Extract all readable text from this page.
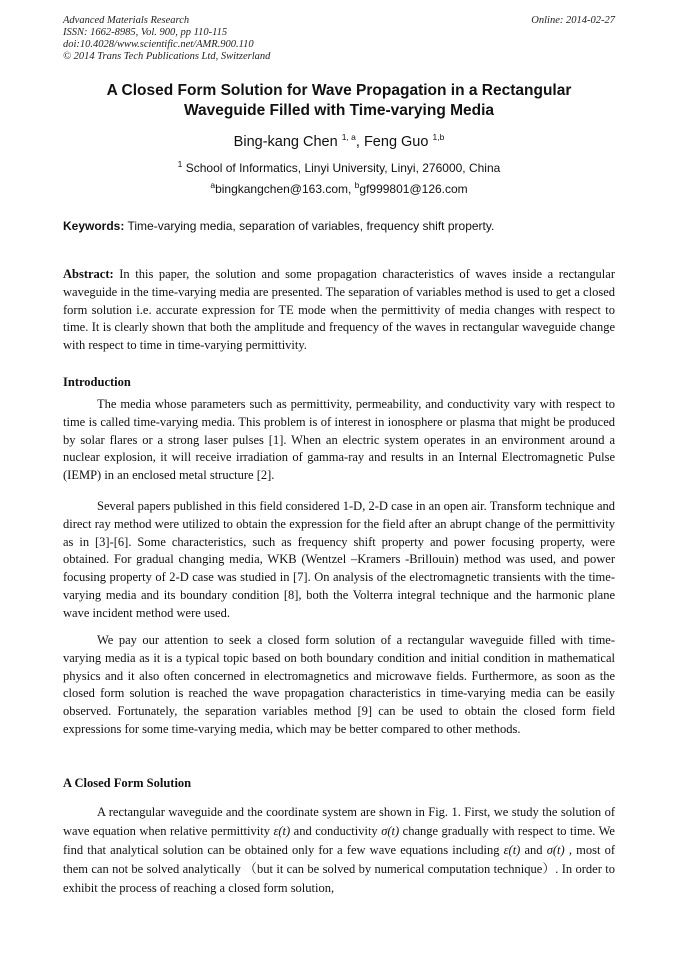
Advanced Materials Research
ISSN: 1662-8985, Vol. 900, pp 110-115
doi:10.4028/www.scientific.net/AMR.900.110
© 2014 Trans Tech Publications Ltd, Switzerland
Online: 2014-02-27
A Closed Form Solution for Wave Propagation in a Rectangular
Waveguide Filled with Time-varying Media
Bing-kang Chen $^{1, a}$, Feng Guo $^{1,b}$
$^1$ School of Informatics, Linyi University, Linyi, 276000, China
$^a$bingkangchen@163.com, $^b$gf999801@126.com
Keywords: Time-varying media, separation of variables, frequency shift property.

Abstract: In this paper, the solution and some propagation characteristics of waves inside a rectangular waveguide in the time-varying media are presented. The separation of variables method is used to get a closed form solution i.e. accurate expression for TE mode when the permittivity of media changes with respect to time. It is clearly shown that both the amplitude and frequency of the waves in rectangular waveguide change with respect to time in time-varying permittivity.

Introduction

The media whose parameters such as permittivity, permeability, and conductivity vary with respect to time is called time-varying media. This problem is of interest in ionosphere or plasma that might be produced by solar flares or a strong laser pulses [1]. When an electric system operates in an environment around a nuclear explosion, it will receive irradiation of gamma-ray and results in an Internal Electromagnetic Pulse (IEMP) in an enclosed metal structure [2].

Several papers published in this field considered 1-D, 2-D case in an open air. Transform technique and direct ray method were utilized to obtain the expression for the field after an abrupt change of the permittivity as in [3]-[6]. Some characteristics, such as frequency shift property and power focusing property, were obtained. For gradual changing media, WKB (Wentzel –Kramers -Brillouin) method was used, and power focusing property of 2-D case was studied in [7]. On analysis of the electromagnetic transients with the time-varying media and its boundary condition [8], both the Volterra integral technique and the harmonic plane wave incident method were used.

We pay our attention to seek a closed form solution of a rectangular waveguide filled with time-varying media as it is a typical topic based on both boundary condition and initial condition in mathematical physics and it also often concerned in electromagnetics and microwave fields. Furthermore, as soon as the closed form solution is reached the wave propagation characteristics in time-varying media can be easily observed. Fortunately, the separation variables method [9] can be used to obtain the closed form field expressions for some time-varying media, which may be better compared to other methods.

A Closed Form Solution

A rectangular waveguide and the coordinate system are shown in Fig. 1. First, we study the solution of wave equation when relative permittivity ε(t) and conductivity σ(t) change gradually with respect to time. We find that analytical solution can be obtained only for a few wave equations including ε(t) and σ(t) , most of them can not be solved analytically （but it can be solved by numerical computation technique）. In order to exhibit the process of reaching a closed form solution,
